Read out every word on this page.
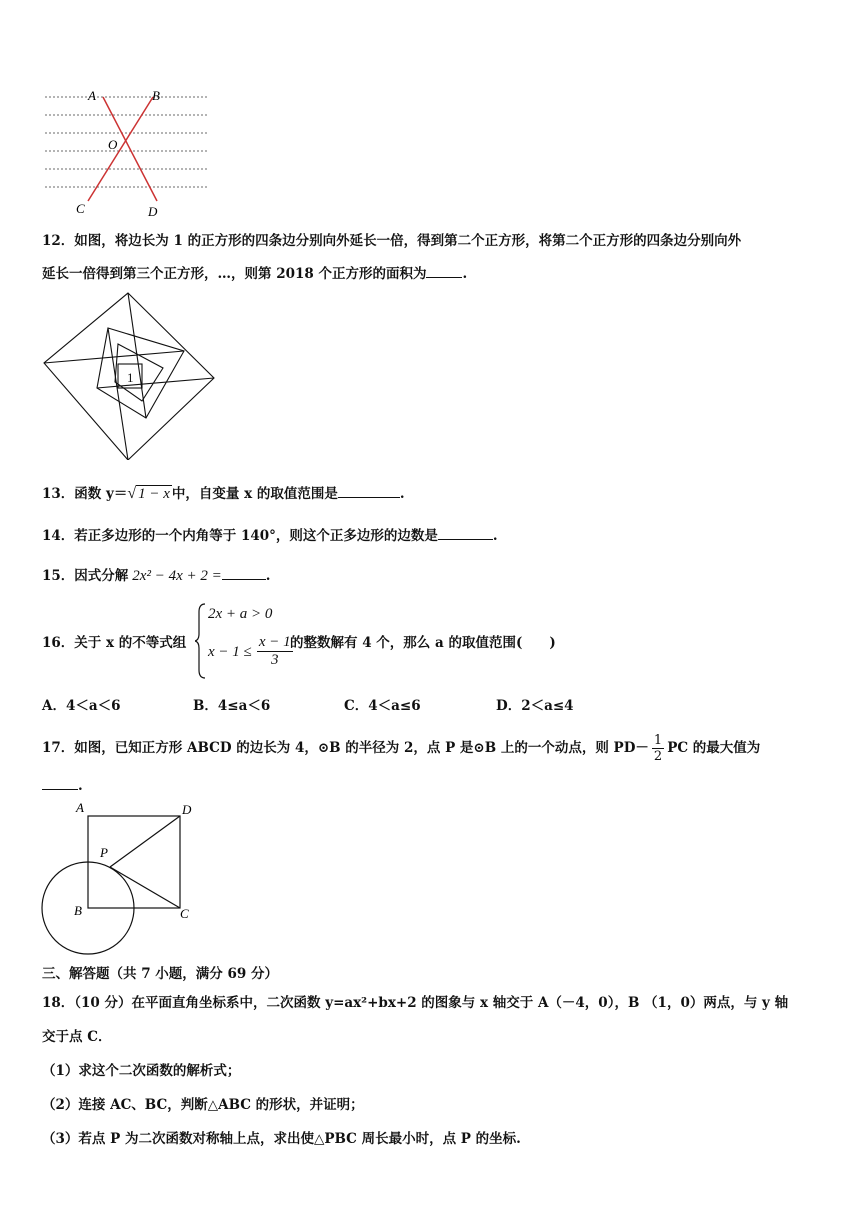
A	B
O
C	D
12．如图，将边长为 1 的正方形的四条边分别向外延长一倍，得到第二个正方形，将第二个正方形的四条边分别向外
延长一倍得到第三个正方形，…，则第 2018 个正方形的面积为	.
1
13．函数 y＝√ 1 − x 中，自变量 x 的取值范围是	.
14．若正多边形的一个内角等于 140°，则这个正多边形的边数是	.
15．因式分解 2x² − 4x + 2 =	.
16．关于 x 的不等式组
2x + a > 0
$x - 1 \le \frac{x - 1}{3}$
的整数解有 4 个，那么 a 的取值范围(　　)
A．4＜a＜6	B．4≤a＜6	C．4＜a≤6	D．2＜a≤4
17．如图，已知正方形 ABCD 的边长为 4，⊙B 的半径为 2，点 P 是⊙B 上的一个动点，则 $PD- \frac{1}{2}$ PC 的最大值为
.
A	D
P
B	C
三、解答题（共 7 小题，满分 69 分）
18．（10 分）在平面直角坐标系中，二次函数 y=ax²+bx+2 的图象与 x 轴交于 A（－4，0），B （1，0）两点，与 y 轴
交于点 C．
（1）求这个二次函数的解析式；
（2）连接 AC、BC，判断△ABC 的形状，并证明；
（3）若点 P 为二次函数对称轴上点，求出使△PBC 周长最小时，点 P 的坐标.
